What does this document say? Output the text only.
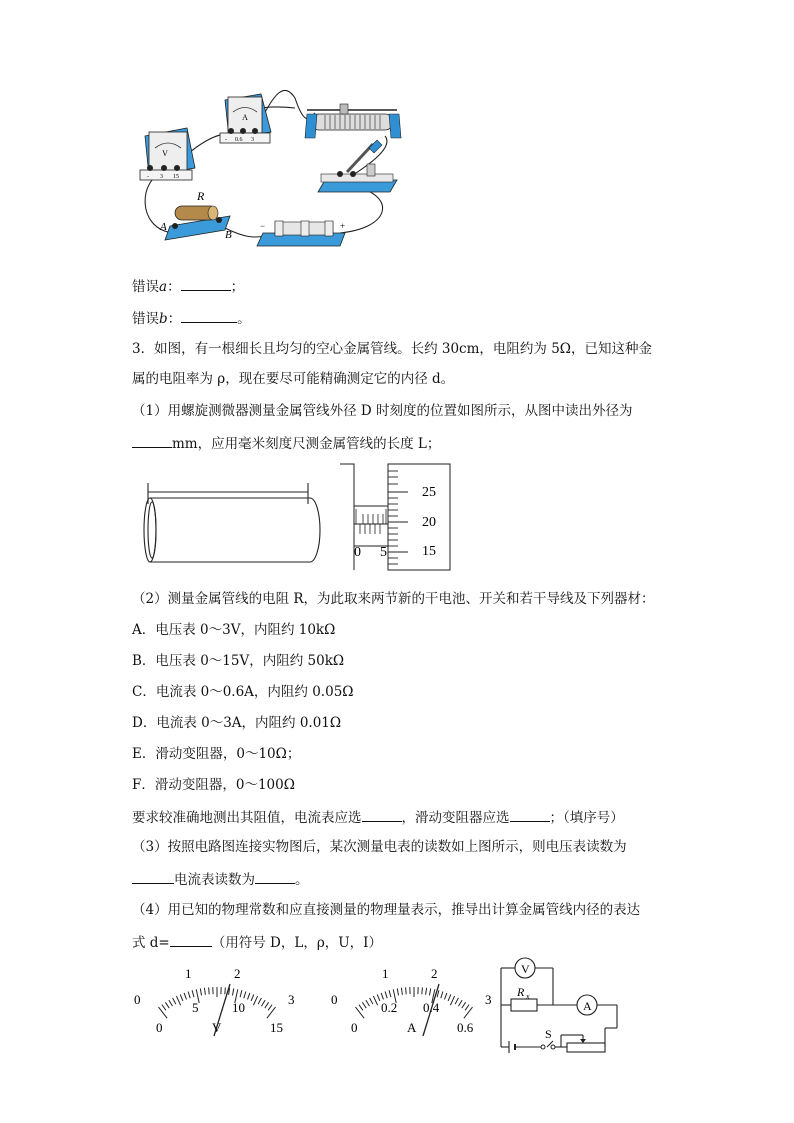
V
- 3 15
A
- 0.6 3
R
A
B
−	+
错误a：	；
错误b：	。
3．如图，有一根细长且均匀的空心金属管线。长约 30cm，电阻约为 5Ω，已知这种金
属的电阻率为 ρ，现在要尽可能精确测定它的内径 d。
（1）用螺旋测微器测量金属管线外径 D 时刻度的位置如图所示，从图中读出外径为
mm，应用毫米刻度尺测金属管线的长度 L；
0 5
25
20
15
（2）测量金属管线的电阻 R，为此取来两节新的干电池、开关和若干导线及下列器材：
A．电压表 0～3V，内阻约 10kΩ
B．电压表 0～15V，内阻约 50kΩ
C．电流表 0～0.6A，内阻约 0.05Ω
D．电流表 0～3A，内阻约 0.01Ω
E．滑动变阻器，0～10Ω；
F．滑动变阻器，0～100Ω
要求较准确地测出其阻值，电流表应选	，滑动变阻器应选	；（填序号）
（3）按照电路图连接实物图后，某次测量电表的读数如上图所示，则电压表读数为
电流表读数为	。
（4）用已知的物理常数和应直接测量的物理量表示，推导出计算金属管线内径的表达
式 d=	（用符号 D，L，ρ，U，I）
0
1	2
3
0
5	10
15
V
0
1	2
3
0
0.2 0.4
0.6
A
V
A
R x
S
